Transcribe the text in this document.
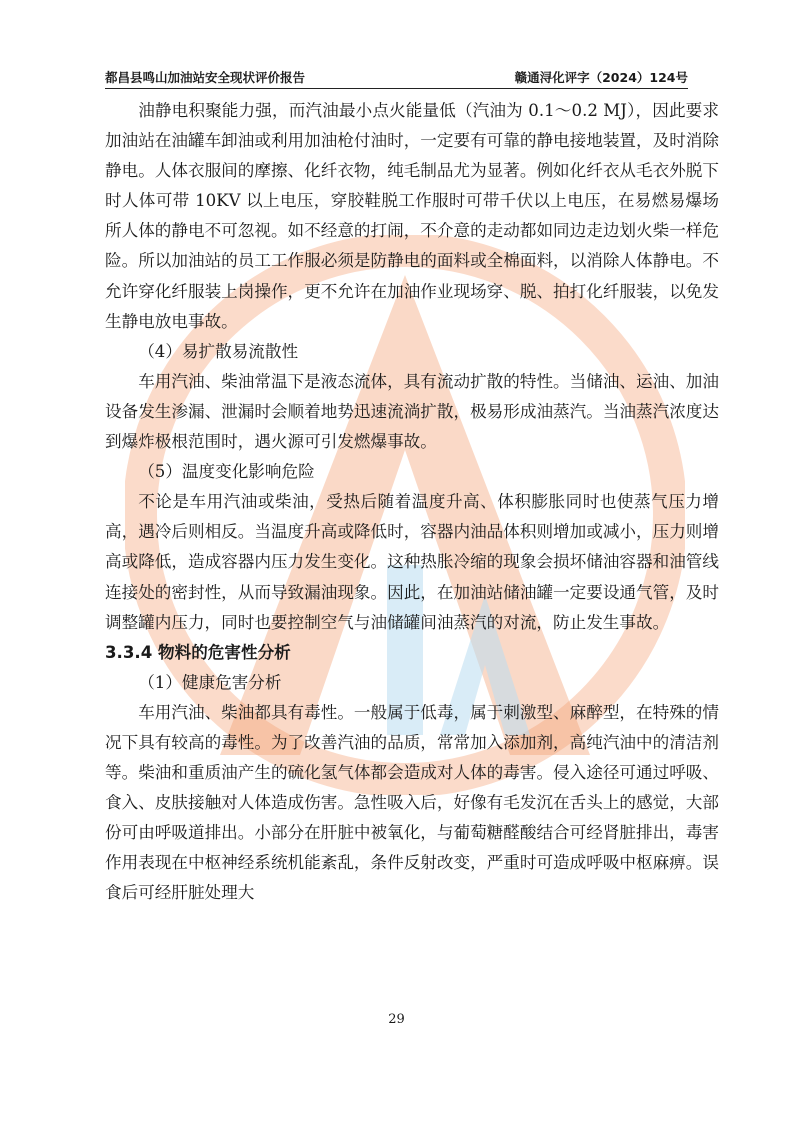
都昌县鸣山加油站安全现状评价报告	赣通浔化评字（2024）124号

油静电积聚能力强，而汽油最小点火能量低（汽油为 0.1～0.2 MJ），因此要求加油站在油罐车卸油或利用加油枪付油时，一定要有可靠的静电接地装置，及时消除静电。人体衣服间的摩擦、化纤衣物，纯毛制品尤为显著。例如化纤衣从毛衣外脱下时人体可带 10KV 以上电压，穿胶鞋脱工作服时可带千伏以上电压，在易燃易爆场所人体的静电不可忽视。如不经意的打闹，不介意的走动都如同边走边划火柴一样危险。所以加油站的员工工作服必须是防静电的面料或全棉面料，以消除人体静电。不允许穿化纤服装上岗操作，更不允许在加油作业现场穿、脱、拍打化纤服装，以免发生静电放电事故。

（4）易扩散易流散性

车用汽油、柴油常温下是液态流体，具有流动扩散的特性。当储油、运油、加油设备发生渗漏、泄漏时会顺着地势迅速流淌扩散，极易形成油蒸汽。当油蒸汽浓度达到爆炸极根范围时，遇火源可引发燃爆事故。

（5）温度变化影响危险

不论是车用汽油或柴油，受热后随着温度升高、体积膨胀同时也使蒸气压力增高，遇冷后则相反。当温度升高或降低时，容器内油品体积则增加或减小，压力则增高或降低，造成容器内压力发生变化。这种热胀冷缩的现象会损坏储油容器和油管线连接处的密封性，从而导致漏油现象。因此，在加油站储油罐一定要设通气管，及时调整罐内压力，同时也要控制空气与油储罐间油蒸汽的对流，防止发生事故。

3.3.4 物料的危害性分析

（1）健康危害分析

车用汽油、柴油都具有毒性。一般属于低毒，属于刺激型、麻醉型，在特殊的情况下具有较高的毒性。为了改善汽油的品质，常常加入添加剂，高纯汽油中的清洁剂等。柴油和重质油产生的硫化氢气体都会造成对人体的毒害。侵入途径可通过呼吸、食入、皮肤接触对人体造成伤害。急性吸入后，好像有毛发沉在舌头上的感觉，大部份可由呼吸道排出。小部分在肝脏中被氧化，与葡萄糖醛酸结合可经肾脏排出，毒害作用表现在中枢神经系统机能紊乱，条件反射改变，严重时可造成呼吸中枢麻痹。误食后可经肝脏处理大

29
